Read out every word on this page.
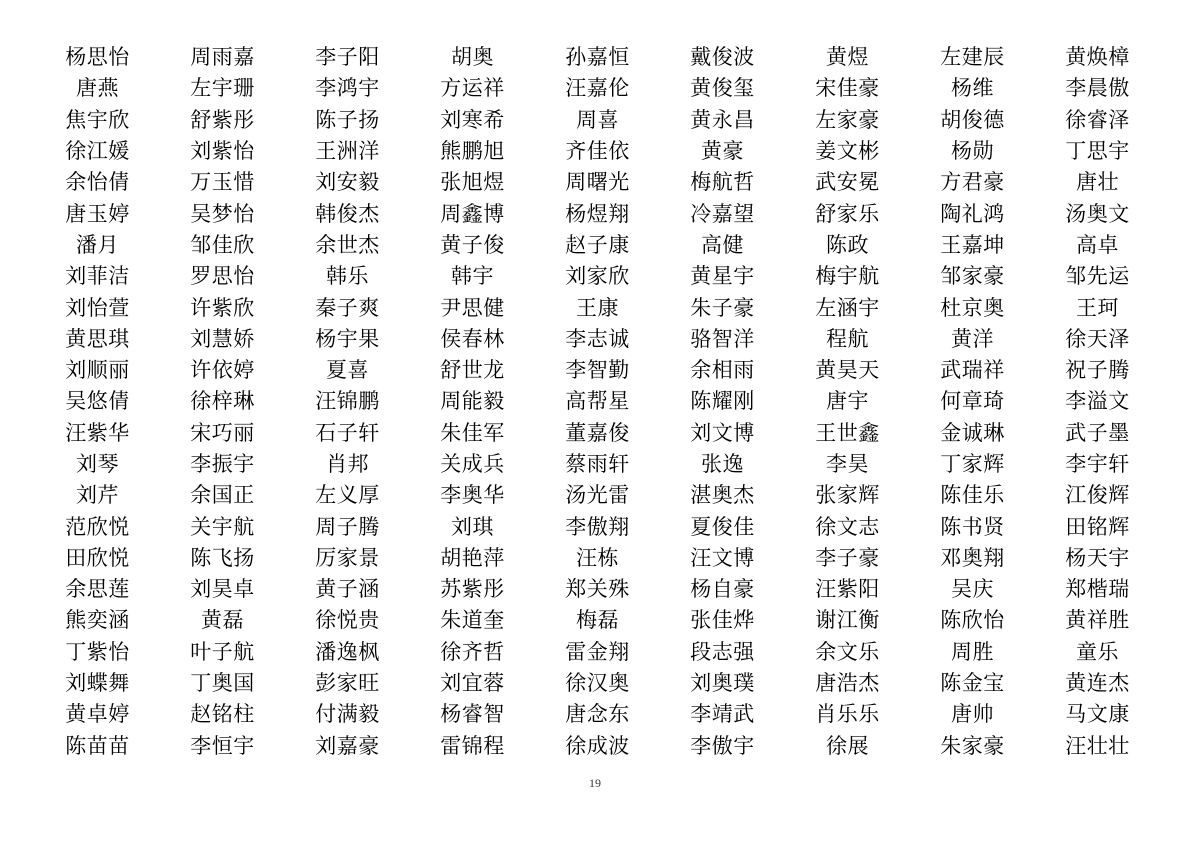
杨思怡	周雨嘉	李子阳	胡奥	孙嘉恒	戴俊波	黄煜	左建辰	黄焕樟
唐燕	左宇珊	李鸿宇	方运祥	汪嘉伦	黄俊玺	宋佳豪	杨维	李晨傲
焦宇欣	舒紫彤	陈子扬	刘寒希	周喜	黄永昌	左家豪	胡俊德	徐睿泽
徐江媛	刘紫怡	王洲洋	熊鹏旭	齐佳依	黄豪	姜文彬	杨勋	丁思宇
余怡倩	万玉惜	刘安毅	张旭煜	周曙光	梅航哲	武安冕	方君豪	唐壮
唐玉婷	吴梦怡	韩俊杰	周鑫博	杨煜翔	冷嘉望	舒家乐	陶礼鸿	汤奥文
潘月	邹佳欣	余世杰	黄子俊	赵子康	高健	陈政	王嘉坤	高卓
刘菲洁	罗思怡	韩乐	韩宇	刘家欣	黄星宇	梅宇航	邹家豪	邹先运
刘怡萱	许紫欣	秦子爽	尹思健	王康	朱子豪	左涵宇	杜京奥	王珂
黄思琪	刘慧娇	杨宇果	侯春林	李志诚	骆智洋	程航	黄洋	徐天泽
刘顺丽	许依婷	夏喜	舒世龙	李智勤	余相雨	黄昊天	武瑞祥	祝子腾
吴悠倩	徐梓琳	汪锦鹏	周能毅	高帮星	陈耀刚	唐宇	何章琦	李溢文
汪紫华	宋巧丽	石子轩	朱佳军	董嘉俊	刘文博	王世鑫	金诚琳	武子墨
刘琴	李振宇	肖邦	关成兵	蔡雨轩	张逸	李昊	丁家辉	李宇轩
刘芹	余国正	左义厚	李奥华	汤光雷	湛奥杰	张家辉	陈佳乐	江俊辉
范欣悦	关宇航	周子腾	刘琪	李傲翔	夏俊佳	徐文志	陈书贤	田铭辉
田欣悦	陈飞扬	厉家景	胡艳萍	汪栋	汪文博	李子豪	邓奥翔	杨天宇
余思莲	刘昊卓	黄子涵	苏紫彤	郑关殊	杨自豪	汪紫阳	吴庆	郑楷瑞
熊奕涵	黄磊	徐悦贵	朱道奎	梅磊	张佳烨	谢江衡	陈欣怡	黄祥胜
丁紫怡	叶子航	潘逸枫	徐齐哲	雷金翔	段志强	余文乐	周胜	童乐
刘蝶舞	丁奥国	彭家旺	刘宜蓉	徐汉奥	刘奥璞	唐浩杰	陈金宝	黄连杰
黄卓婷	赵铭柱	付满毅	杨睿智	唐念东	李靖武	肖乐乐	唐帅	马文康
陈苗苗	李恒宇	刘嘉豪	雷锦程	徐成波	李傲宇	徐展	朱家豪	汪壮壮
19
